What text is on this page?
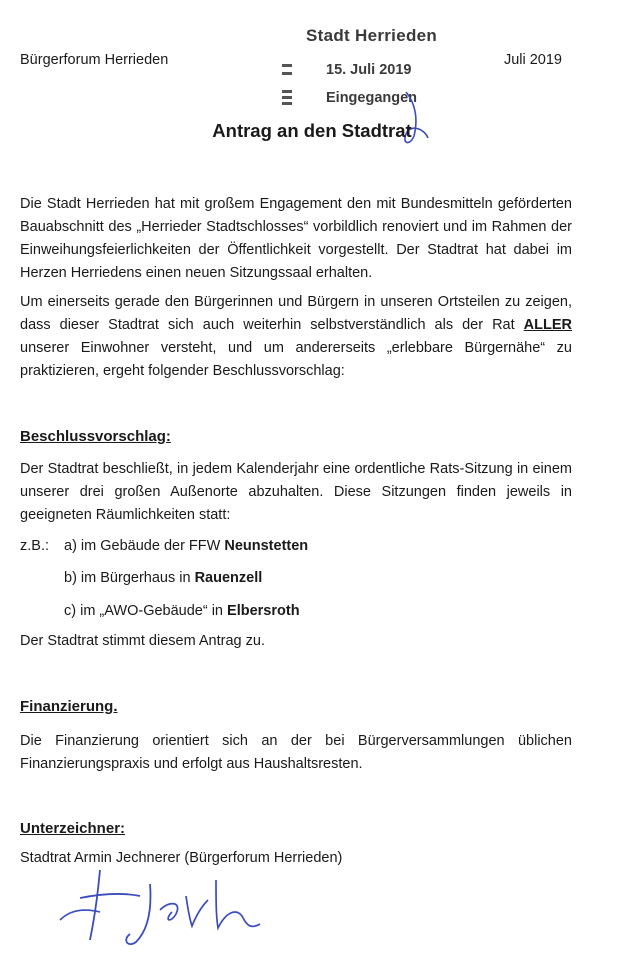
Bürgerforum Herrieden	Juli 2019
Stadt Herrieden
15. Juli 2019
Eingegangen
Antrag an den Stadtrat
Die Stadt Herrieden hat mit großem Engagement den mit Bundesmitteln geförderten Bauabschnitt des „Herrieder Stadtschlosses“ vorbildlich renoviert und im Rahmen der Einweihungsfeierlichkeiten der Öffentlichkeit vorgestellt. Der Stadtrat hat dabei im Herzen Herriedens einen neuen Sitzungssaal erhalten.
Um einerseits gerade den Bürgerinnen und Bürgern in unseren Ortsteilen zu zeigen, dass dieser Stadtrat sich auch weiterhin selbstverständlich als der Rat ALLER unserer Einwohner versteht, und um andererseits „erlebbare Bürgernähe“ zu praktizieren, ergeht folgender Beschlussvorschlag:
Beschlussvorschlag:
Der Stadtrat beschließt, in jedem Kalenderjahr eine ordentliche Rats-Sitzung in einem unserer drei großen Außenorte abzuhalten. Diese Sitzungen finden jeweils in geeigneten Räumlichkeiten statt:
z.B.: a) im Gebäude der FFW Neunstetten
b) im Bürgerhaus in Rauenzell
c) im „AWO-Gebäude“ in Elbersroth
Der Stadtrat stimmt diesem Antrag zu.
Finanzierung.
Die Finanzierung orientiert sich an der bei Bürgerversammlungen üblichen Finanzierungspraxis und erfolgt aus Haushaltsresten.
Unterzeichner:
Stadtrat Armin Jechnerer (Bürgerforum Herrieden)
